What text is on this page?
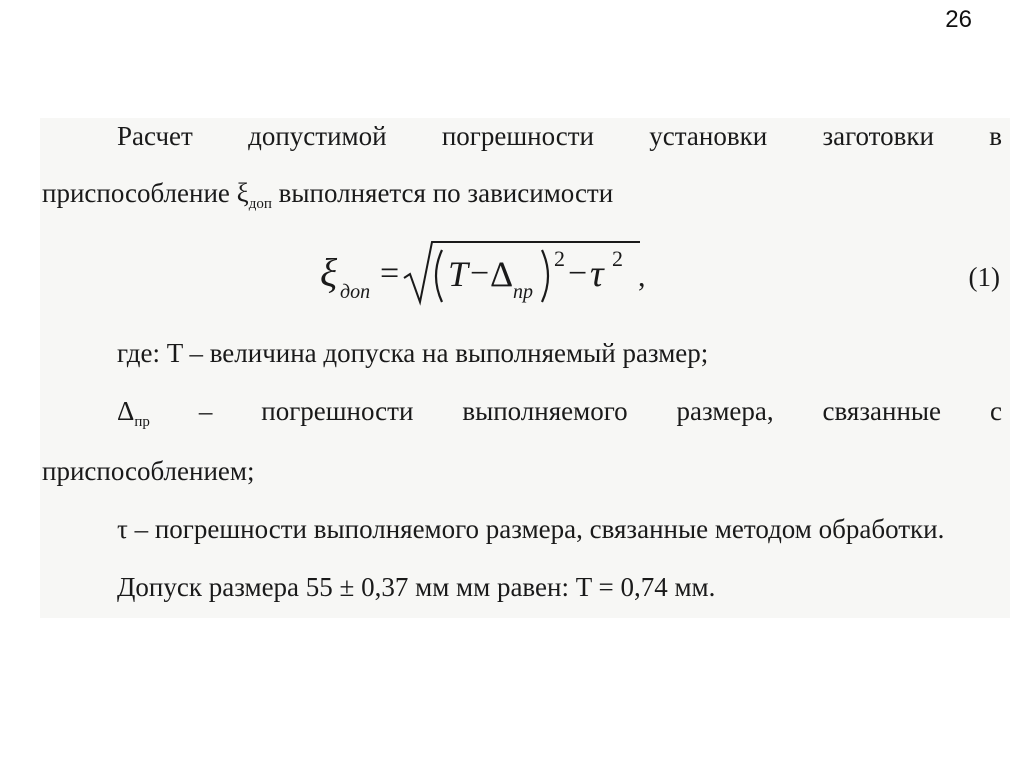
26
Расчет допустимой погрешности установки заготовки в
приспособление $\xi_{доп}$ выполняется по зависимости
ξ доп = T − Δ пр
2 − τ 2
,	(1)
где: T – величина допуска на выполняемый размер;
$\Delta_{пр}$ – погрешности выполняемого размера, связанные с
приспособлением;
τ – погрешности выполняемого размера, связанные методом обработки.
Допуск размера 55 ± 0,37 мм мм равен: T = 0,74 мм.
